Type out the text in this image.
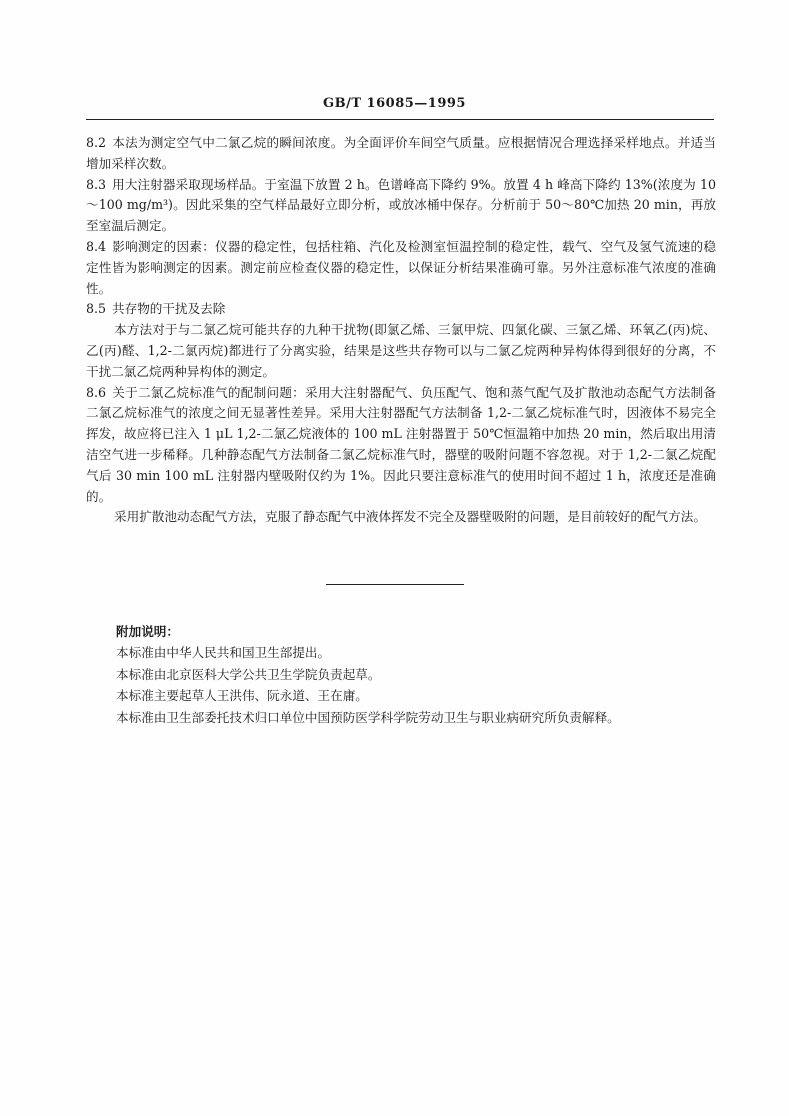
GB/T 16085—1995

8.2 本法为测定空气中二氯乙烷的瞬间浓度。为全面评价车间空气质量。应根据情况合理选择采样地点。并适当增加采样次数。

8.3 用大注射器采取现场样品。于室温下放置 2 h。色谱峰高下降约 9%。放置 4 h 峰高下降约 13%(浓度为 10～100 mg/m³)。因此采集的空气样品最好立即分析，或放冰桶中保存。分析前于 50～80℃加热 20 min，再放至室温后测定。

8.4 影响测定的因素：仪器的稳定性，包括柱箱、汽化及检测室恒温控制的稳定性，载气、空气及氢气流速的稳定性皆为影响测定的因素。测定前应检查仪器的稳定性，以保证分析结果准确可靠。另外注意标准气浓度的准确性。

8.5 共存物的干扰及去除

本方法对于与二氯乙烷可能共存的九种干扰物(即氯乙烯、三氯甲烷、四氯化碳、三氯乙烯、环氧乙(丙)烷、乙(丙)醛、1,2-二氯丙烷)都进行了分离实验，结果是这些共存物可以与二氯乙烷两种异构体得到很好的分离，不干扰二氯乙烷两种异构体的测定。

8.6 关于二氯乙烷标准气的配制问题：采用大注射器配气、负压配气、饱和蒸气配气及扩散池动态配气方法制备二氯乙烷标准气的浓度之间无显著性差异。采用大注射器配气方法制备 1,2-二氯乙烷标准气时，因液体不易完全挥发，故应将已注入 1 μL 1,2-二氯乙烷液体的 100 mL 注射器置于 50℃恒温箱中加热 20 min，然后取出用清洁空气进一步稀释。几种静态配气方法制备二氯乙烷标准气时，器壁的吸附问题不容忽视。对于 1,2-二氯乙烷配气后 30 min 100 mL 注射器内壁吸附仅约为 1%。因此只要注意标准气的使用时间不超过 1 h，浓度还是准确的。

采用扩散池动态配气方法，克服了静态配气中液体挥发不完全及器壁吸附的问题，是目前较好的配气方法。

附加说明：

本标准由中华人民共和国卫生部提出。

本标准由北京医科大学公共卫生学院负责起草。

本标准主要起草人王洪伟、阮永道、王在庸。

本标准由卫生部委托技术归口单位中国预防医学科学院劳动卫生与职业病研究所负责解释。
